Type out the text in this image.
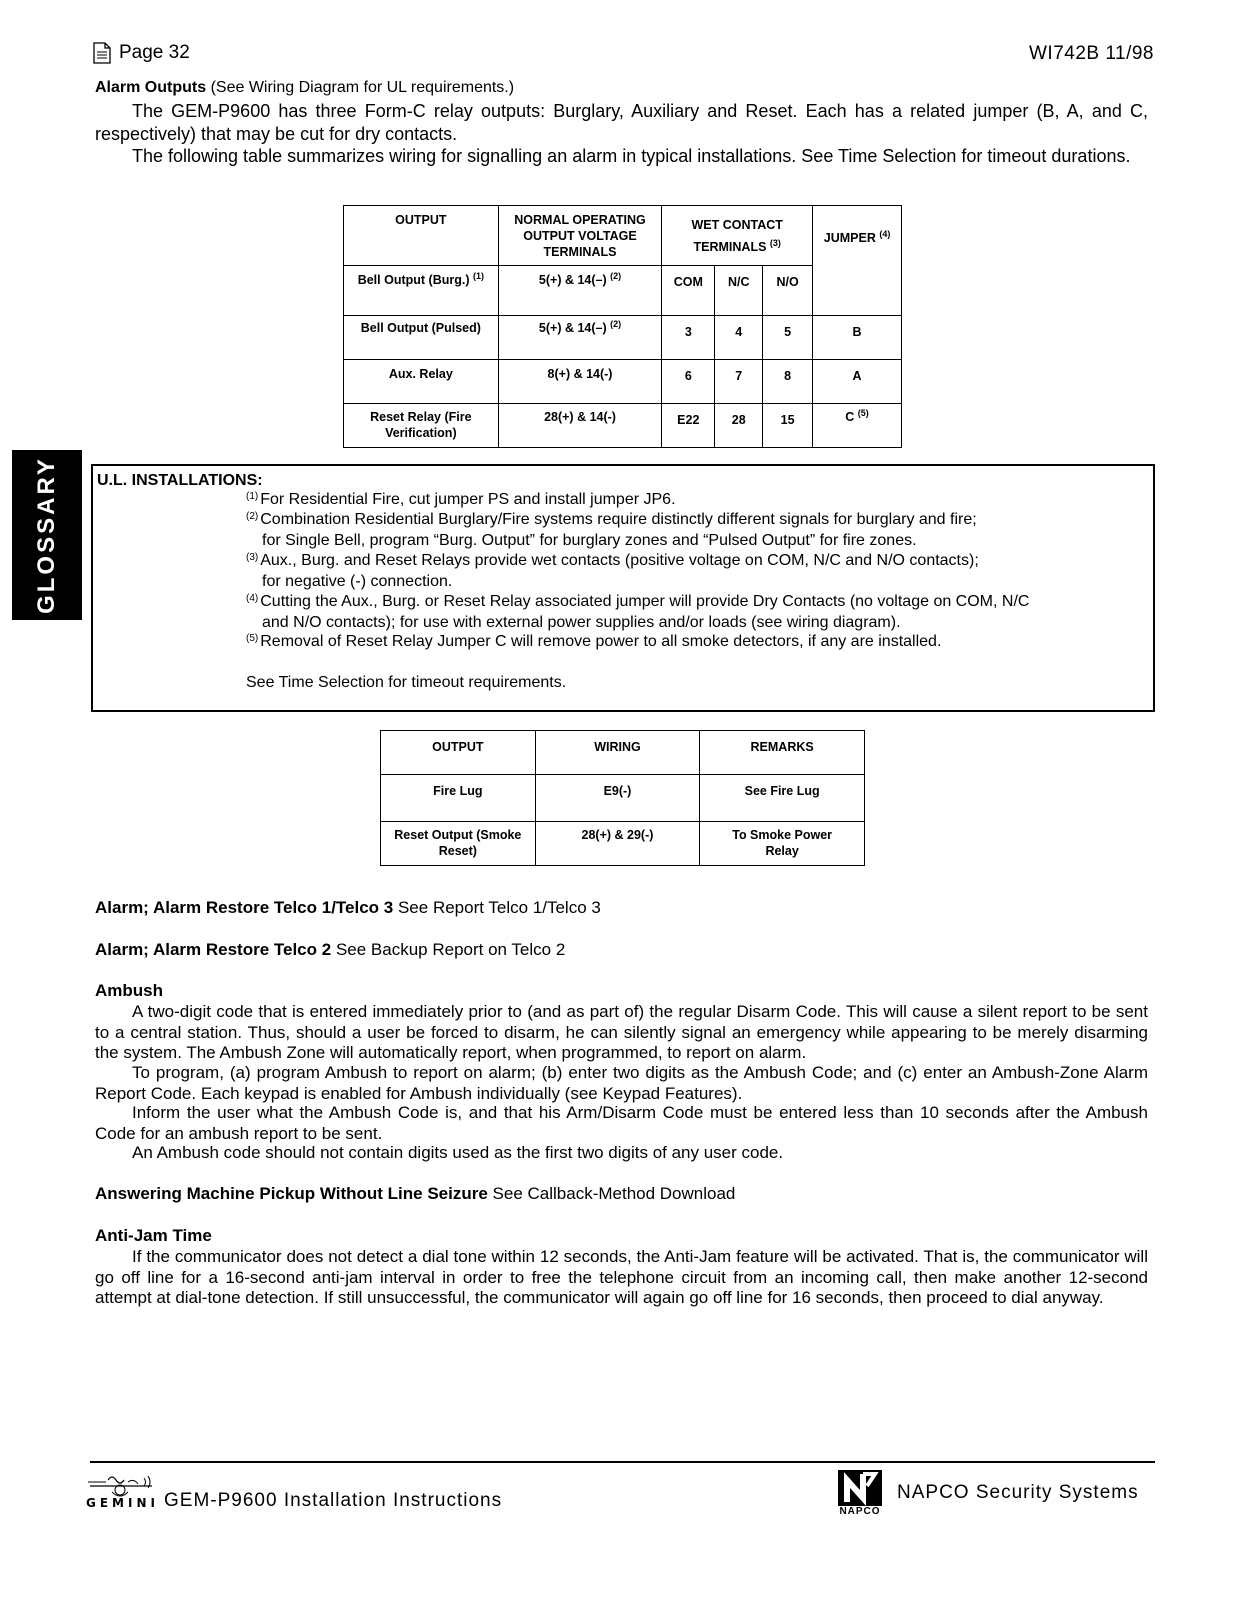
Page 32	WI742B 11/98
GLOSSARY
Alarm Outputs (See Wiring Diagram for UL requirements.)
The GEM-P9600 has three Form-C relay outputs: Burglary, Auxiliary and Reset. Each has a related jumper (B, A, and C, respectively) that may be cut for dry contacts.
The following table summarizes wiring for signalling an alarm in typical installations. See Time Selection for timeout durations.
OUTPUT	NORMAL OPERATING OUTPUT VOLTAGE TERMINALS	WET CONTACT TERMINALS $^{(3)}$			JUMPER $^{(4)}$
Bell Output (Burg.) $^{(1)}$	5(+) & 14(–) $^{(2)}$	COM	N/C	N/O	
Bell Output (Pulsed)	5(+) & 14(–) $^{(2)}$	3	4	5	B
Aux. Relay	8(+) & 14(-)	6	7	8	A
Reset Relay (Fire Verification)	28(+) & 14(-)	E22	28	15	C $^{(5)}$
U.L. INSTALLATIONS:
$^{(1)}$ For Residential Fire, cut jumper PS and install jumper JP6.
$^{(2)}$ Combination Residential Burglary/Fire systems require distinctly different signals for burglary and fire;
for Single Bell, program “Burg. Output” for burglary zones and “Pulsed Output” for fire zones.
$^{(3)}$ Aux., Burg. and Reset Relays provide wet contacts (positive voltage on COM, N/C and N/O contacts);
for negative (-) connection.
$^{(4)}$ Cutting the Aux., Burg. or Reset Relay associated jumper will provide Dry Contacts (no voltage on COM, N/C
and N/O contacts); for use with external power supplies and/or loads (see wiring diagram).
$^{(5)}$ Removal of Reset Relay Jumper C will remove power to all smoke detectors, if any are installed.
See Time Selection for timeout requirements.
OUTPUT	WIRING	REMARKS
Fire Lug	E9(-)	See Fire Lug
Reset Output (Smoke Reset)	28(+) & 29(-)	To Smoke Power Relay
Alarm; Alarm Restore Telco 1/Telco 3 See Report Telco 1/Telco 3
Alarm; Alarm Restore Telco 2 See Backup Report on Telco 2
Ambush
A two-digit code that is entered immediately prior to (and as part of) the regular Disarm Code. This will cause a silent report to be sent to a central station. Thus, should a user be forced to disarm, he can silently signal an emergency while appearing to be merely disarming the system. The Ambush Zone will automatically report, when programmed, to report on alarm.
To program, (a) program Ambush to report on alarm; (b) enter two digits as the Ambush Code; and (c) enter an Ambush-Zone Alarm Report Code. Each keypad is enabled for Ambush individually (see Keypad Features).
Inform the user what the Ambush Code is, and that his Arm/Disarm Code must be entered less than 10 seconds after the Ambush Code for an ambush report to be sent.
An Ambush code should not contain digits used as the first two digits of any user code.
Answering Machine Pickup Without Line Seizure See Callback-Method Download
Anti-Jam Time
If the communicator does not detect a dial tone within 12 seconds, the Anti-Jam feature will be activated. That is, the communicator will go off line for a 16-second anti-jam interval in order to free the telephone circuit from an incoming call, then make another 12-second attempt at dial-tone detection. If still unsuccessful, the communicator will again go off line for 16 seconds, then proceed to dial anyway.
GEMINI GEM-P9600 Installation Instructions
NAPCO
NAPCO Security Systems
